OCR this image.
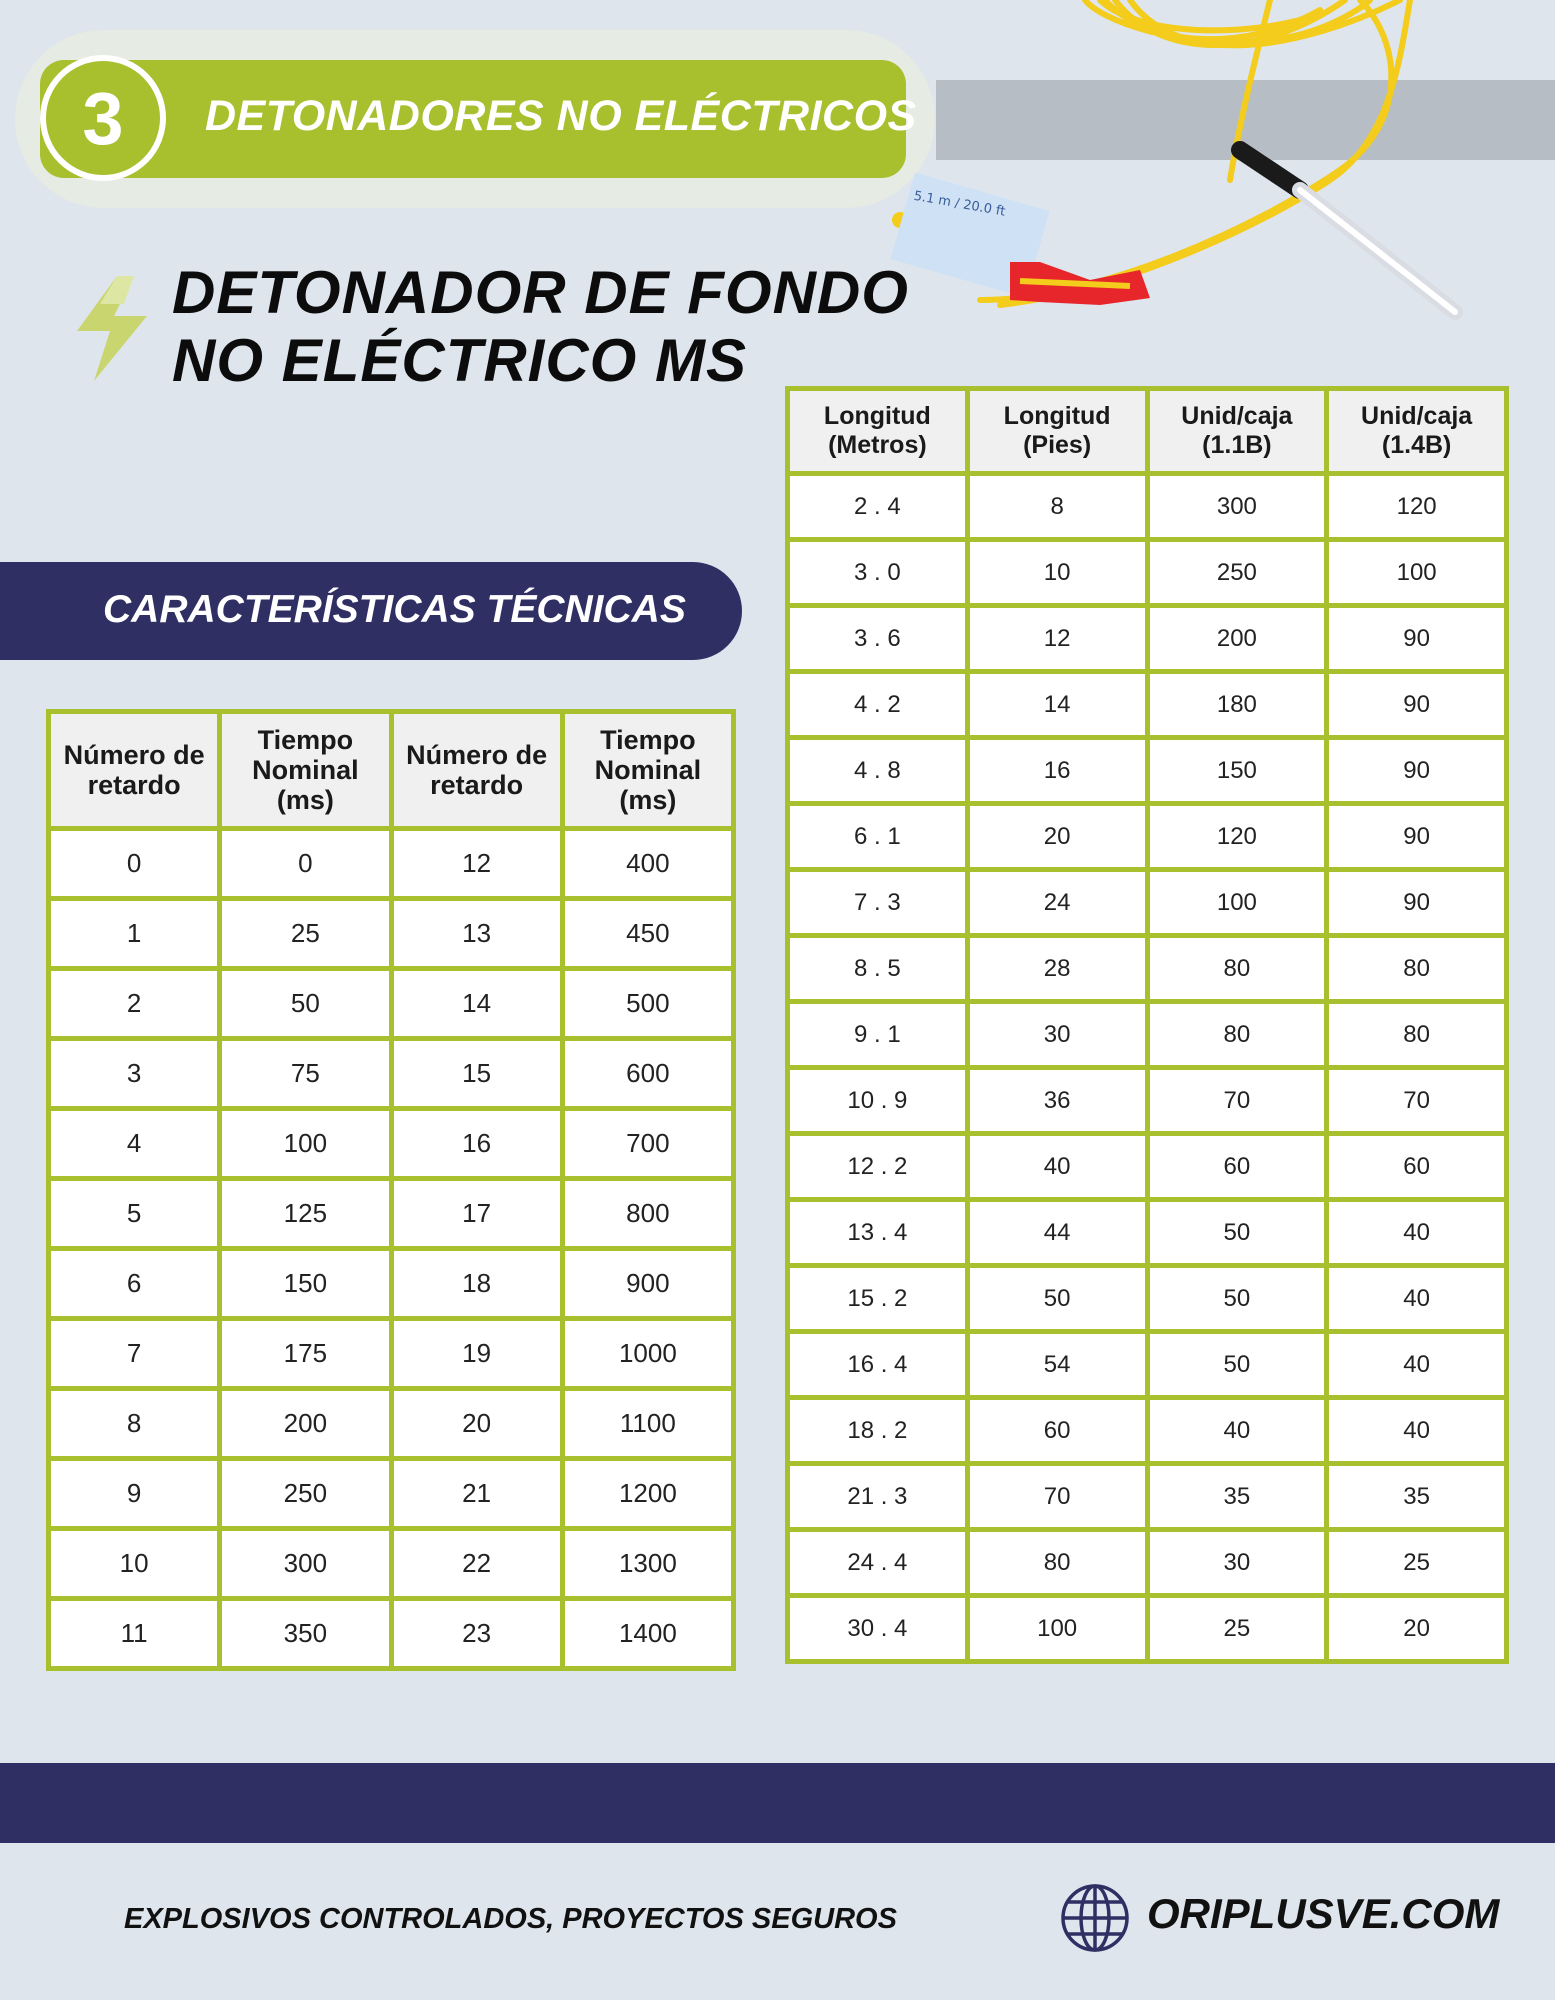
3	DETONADORES NO ELÉCTRICOS
5.1 m / 20.0 ft
DETONADOR DE FONDO
NO ELÉCTRICO MS
CARACTERÍSTICAS TÉCNICAS
Número de retardo	Tiempo Nominal (ms)	Número de retardo	Tiempo Nominal (ms)
0	0	12	400
1	25	13	450
2	50	14	500
3	75	15	600
4	100	16	700
5	125	17	800
6	150	18	900
7	175	19	1000
8	200	20	1100
9	250	21	1200
10	300	22	1300
11	350	23	1400
Longitud (Metros)	Longitud (Pies)	Unid/caja (1.1B)	Unid/caja (1.4B)
2 . 4	8	300	120
3 . 0	10	250	100
3 . 6	12	200	90
4 . 2	14	180	90
4 . 8	16	150	90
6 . 1	20	120	90
7 . 3	24	100	90
8 . 5	28	80	80
9 . 1	30	80	80
10 . 9	36	70	70
12 . 2	40	60	60
13 . 4	44	50	40
15 . 2	50	50	40
16 . 4	54	50	40
18 . 2	60	40	40
21 . 3	70	35	35
24 . 4	80	30	25
30 . 4	100	25	20
EXPLOSIVOS CONTROLADOS, PROYECTOS SEGUROS	ORIPLUSVE.COM
